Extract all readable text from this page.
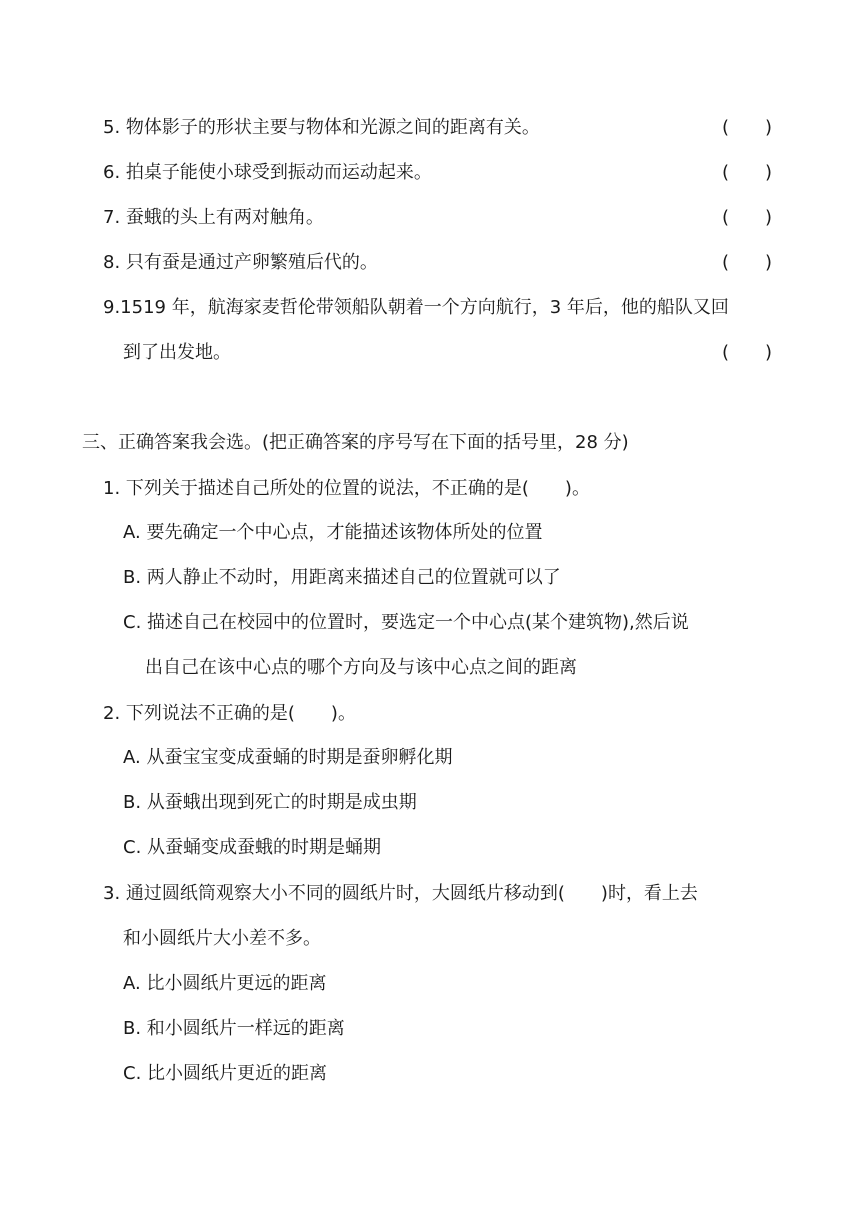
5. 物体影子的形状主要与物体和光源之间的距离有关。	(　　)
6. 拍桌子能使小球受到振动而运动起来。	(　　)
7. 蚕蛾的头上有两对触角。	(　　)
8. 只有蚕是通过产卵繁殖后代的。	(　　)
9.1519 年，航海家麦哲伦带领船队朝着一个方向航行，3 年后，他的船队又回
到了出发地。	(　　)
三、正确答案我会选。(把正确答案的序号写在下面的括号里，28 分)
1. 下列关于描述自己所处的位置的说法，不正确的是(　　)。
A. 要先确定一个中心点，才能描述该物体所处的位置
B. 两人静止不动时，用距离来描述自己的位置就可以了
C. 描述自己在校园中的位置时，要选定一个中心点(某个建筑物),然后说
出自己在该中心点的哪个方向及与该中心点之间的距离
2. 下列说法不正确的是(　　)。
A. 从蚕宝宝变成蚕蛹的时期是蚕卵孵化期
B. 从蚕蛾出现到死亡的时期是成虫期
C. 从蚕蛹变成蚕蛾的时期是蛹期
3. 通过圆纸筒观察大小不同的圆纸片时，大圆纸片移动到(　　)时，看上去
和小圆纸片大小差不多。
A. 比小圆纸片更远的距离
B. 和小圆纸片一样远的距离
C. 比小圆纸片更近的距离
